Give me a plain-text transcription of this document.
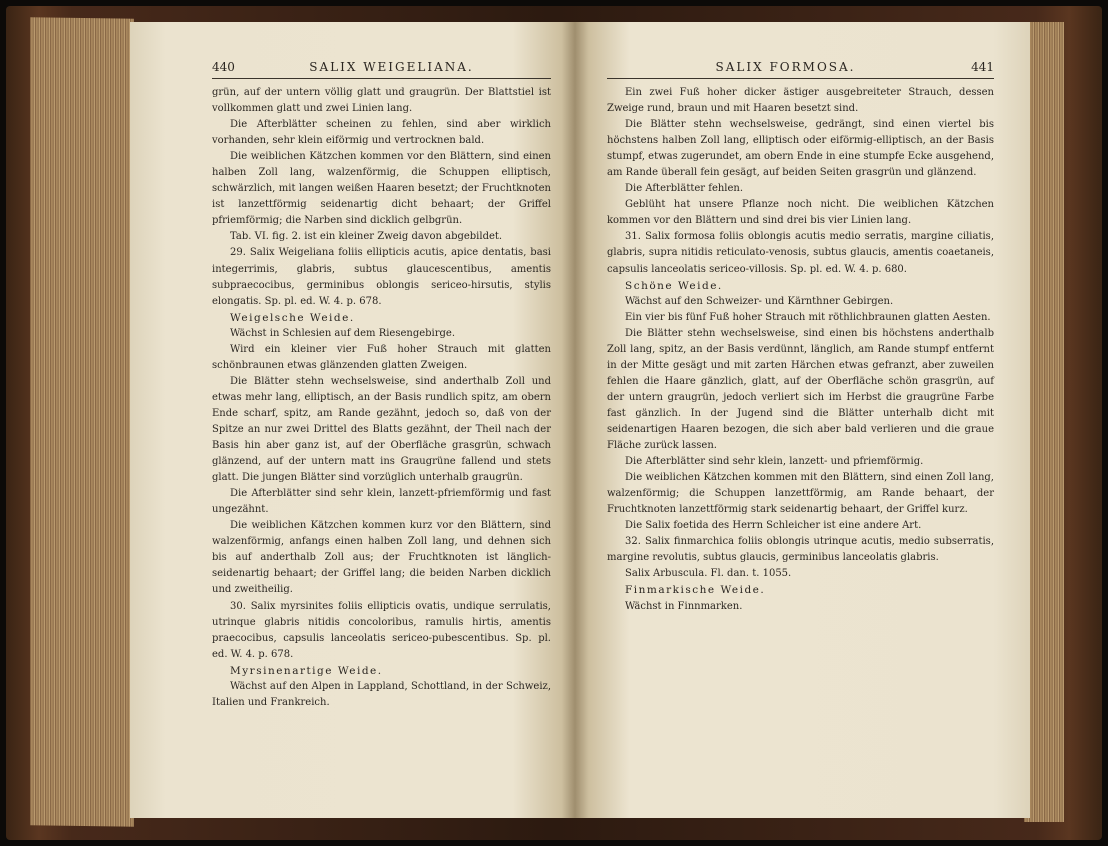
440	SALIX WEIGELIANA.

grün, auf der untern völlig glatt und graugrün. Der Blattstiel ist vollkommen glatt und zwei Linien lang.

Die Afterblätter scheinen zu fehlen, sind aber wirklich vorhanden, sehr klein eiförmig und vertrocknen bald.

Die weiblichen Kätzchen kommen vor den Blättern, sind einen halben Zoll lang, walzenförmig, die Schuppen elliptisch, schwärzlich, mit langen weißen Haaren besetzt; der Fruchtknoten ist lanzettförmig seidenartig dicht behaart; der Griffel pfriemförmig; die Narben sind dicklich gelbgrün.

Tab. VI. fig. 2. ist ein kleiner Zweig davon abgebildet.

29. Salix Weigeliana foliis ellipticis acutis, apice dentatis, basi integerrimis, glabris, subtus glaucescentibus, amentis subpraecocibus, germinibus oblongis sericeo-hirsutis, stylis elongatis. Sp. pl. ed. W. 4. p. 678.

Weigelsche Weide.

Wächst in Schlesien auf dem Riesengebirge.

Wird ein kleiner vier Fuß hoher Strauch mit glatten schönbraunen etwas glänzenden glatten Zweigen.

Die Blätter stehn wechselsweise, sind anderthalb Zoll und etwas mehr lang, elliptisch, an der Basis rundlich spitz, am obern Ende scharf, spitz, am Rande gezähnt, jedoch so, daß von der Spitze an nur zwei Drittel des Blatts gezähnt, der Theil nach der Basis hin aber ganz ist, auf der Oberfläche grasgrün, schwach glänzend, auf der untern matt ins Graugrüne fallend und stets glatt. Die jungen Blätter sind vorzüglich unterhalb graugrün.

Die Afterblätter sind sehr klein, lanzett-pfriemförmig und fast ungezähnt.

Die weiblichen Kätzchen kommen kurz vor den Blättern, sind walzenförmig, anfangs einen halben Zoll lang, und dehnen sich bis auf anderthalb Zoll aus; der Fruchtknoten ist länglich-seidenartig behaart; der Griffel lang; die beiden Narben dicklich und zweitheilig.

30. Salix myrsinites foliis ellipticis ovatis, undique serrulatis, utrinque glabris nitidis concoloribus, ramulis hirtis, amentis praecocibus, capsulis lanceolatis sericeo-pubescentibus. Sp. pl. ed. W. 4. p. 678.

Myrsinenartige Weide.

Wächst auf den Alpen in Lappland, Schottland, in der Schweiz, Italien und Frankreich.

SALIX FORMOSA.	441

Ein zwei Fuß hoher dicker ästiger ausgebreiteter Strauch, dessen Zweige rund, braun und mit Haaren besetzt sind.

Die Blätter stehn wechselsweise, gedrängt, sind einen viertel bis höchstens halben Zoll lang, elliptisch oder eiförmig-elliptisch, an der Basis stumpf, etwas zugerundet, am obern Ende in eine stumpfe Ecke ausgehend, am Rande überall fein gesägt, auf beiden Seiten grasgrün und glänzend.

Die Afterblätter fehlen.

Geblüht hat unsere Pflanze noch nicht. Die weiblichen Kätzchen kommen vor den Blättern und sind drei bis vier Linien lang.

31. Salix formosa foliis oblongis acutis medio serratis, margine ciliatis, glabris, supra nitidis reticulato-venosis, subtus glaucis, amentis coaetaneis, capsulis lanceolatis sericeo-villosis. Sp. pl. ed. W. 4. p. 680.

Schöne Weide.

Wächst auf den Schweizer- und Kärnthner Gebirgen.

Ein vier bis fünf Fuß hoher Strauch mit röthlichbraunen glatten Aesten.

Die Blätter stehn wechselsweise, sind einen bis höchstens anderthalb Zoll lang, spitz, an der Basis verdünnt, länglich, am Rande stumpf entfernt in der Mitte gesägt und mit zarten Härchen etwas gefranzt, aber zuweilen fehlen die Haare gänzlich, glatt, auf der Oberfläche schön grasgrün, auf der untern graugrün, jedoch verliert sich im Herbst die graugrüne Farbe fast gänzlich. In der Jugend sind die Blätter unterhalb dicht mit seidenartigen Haaren bezogen, die sich aber bald verlieren und die graue Fläche zurück lassen.

Die Afterblätter sind sehr klein, lanzett- und pfriemförmig.

Die weiblichen Kätzchen kommen mit den Blättern, sind einen Zoll lang, walzenförmig; die Schuppen lanzettförmig, am Rande behaart, der Fruchtknoten lanzettförmig stark seidenartig behaart, der Griffel kurz.

Die Salix foetida des Herrn Schleicher ist eine andere Art.

32. Salix finmarchica foliis oblongis utrinque acutis, medio subserratis, margine revolutis, subtus glaucis, germinibus lanceolatis glabris.

Salix Arbuscula. Fl. dan. t. 1055.

Finmarkische Weide.

Wächst in Finnmarken.
